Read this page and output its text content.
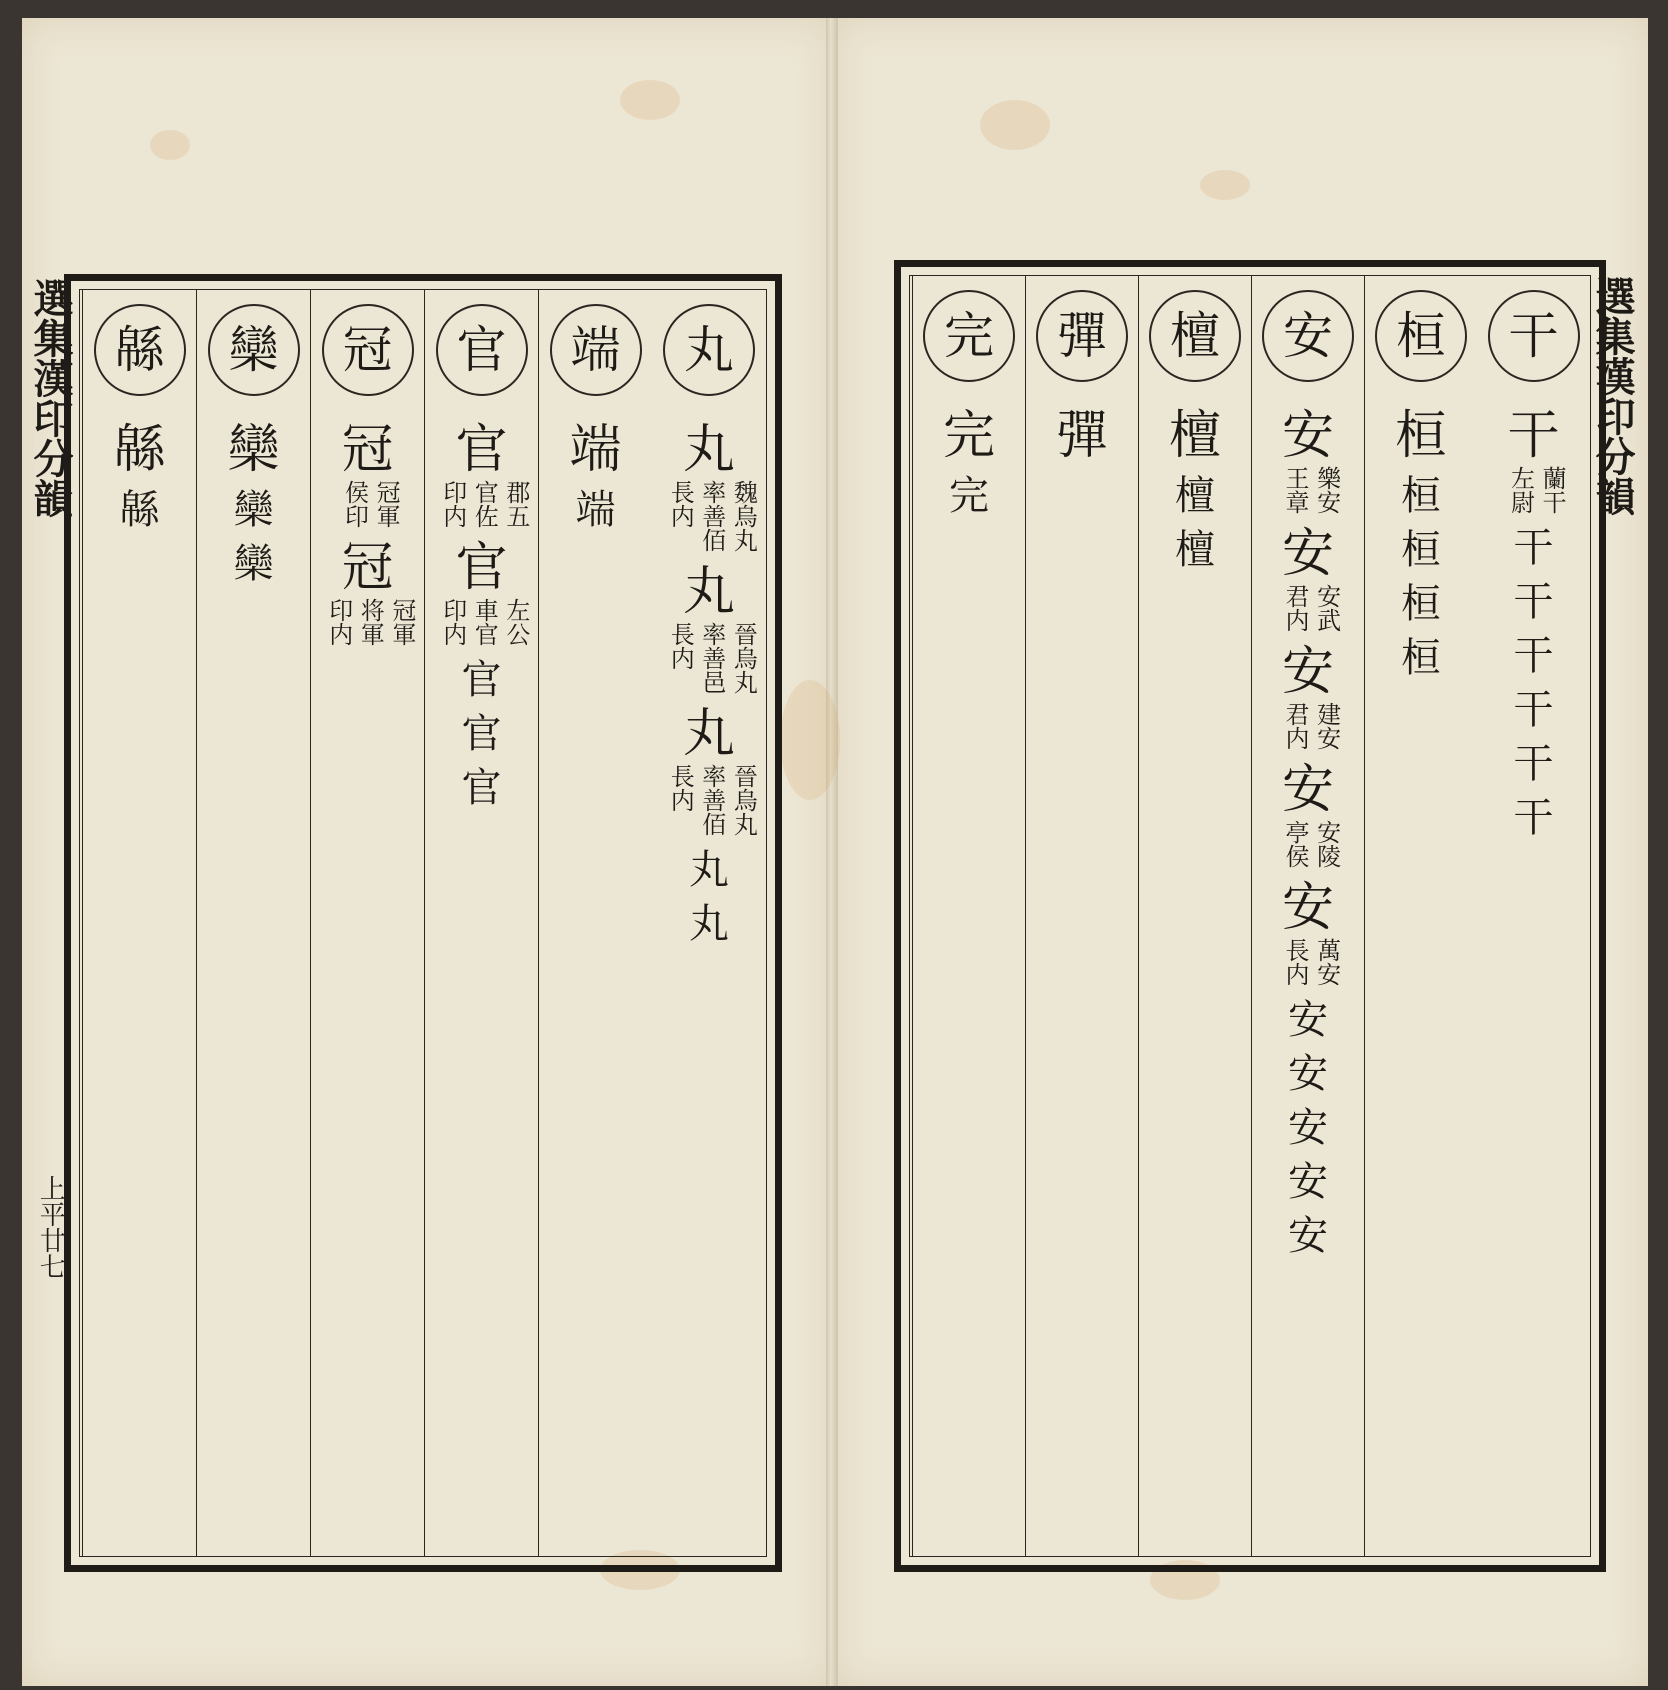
選集漢印分韻
上平廿七
丸
丸
魏烏丸
率善佰
長内
丸
晉烏丸
率善邑
長内
丸
晉烏丸
率善佰
長内
丸
丸
端
端
端
官
官
郡五
官佐
印内
官
左公
車官
印内
官
官
官
冠
冠
冠軍
侯印
冠
冠軍
将軍
印内
欒
欒
欒
欒
緜
緜
緜	選集漢印分韻
干
干
蘭干
左尉
干
干
干
干
干
干
桓
桓
桓
桓
桓
桓
安
安
樂安
王章
安
安武
君内
安
建安
君内
安
安陵
亭侯
安
萬安
長内
安
安
安
安
安
檀
檀
檀
檀
彈
彈
完
完
完
